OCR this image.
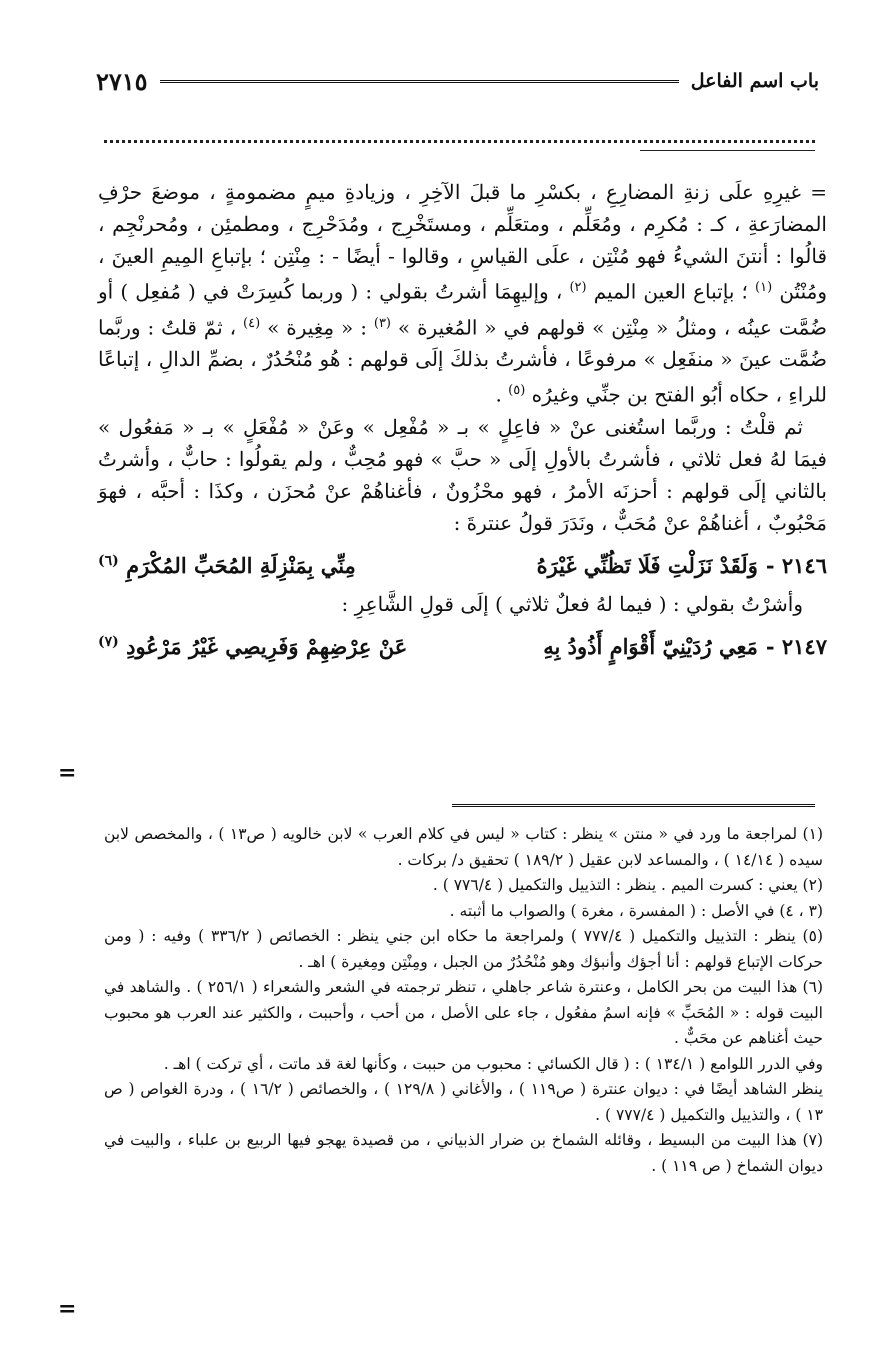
باب اسم الفاعل
٢٧١٥

= غيرِهِ علَى زنةِ المضارِعِ ، بكسْرِ ما قبلَ الآخِرِ ، وزيادةِ ميمٍ مضمومةٍ ، موضعَ حرْفِ المضارَعةِ ، كـ : مُكرِم ، ومُعَلِّم ، ومتعَلِّم ، ومستَخْرِج ، ومُدَحْرِج ، ومطمئِن ، ومُحرنْجِم ، قالُوا : أنتنَ الشيءُ فهو مُنْتِن ، علَى القياسِ ، وقالوا - أيضًا - : مِنْتِن ؛ بإتباعِ المِيمِ العينَ ، ومُنْتُن $^{(١)}$ ؛ بإتباع العين الميم $^{(٢)}$ ، وإليهِمَا أشرتُ بقولي : ( وربما كُسِرَتْ في ( مُفعِل ) أو ضُمَّت عينُه ، ومثلُ « مِنْتِن » قولهم في « المُغيرة » $^{(٣)}$ : « مِغِيرة » $^{(٤)}$ ، ثمّ قلتُ : وربَّما ضُمَّت عينَ « منفَعِل » مرفوعًا ، فأشرتُ بذلكَ إلَى قولهم : هُو مُنْحُدُرٌ ، بضمِّ الدالِ ، إتباعًا للراءِ ، حكاه أبُو الفتح بن جنِّي وغيرُه $^{(٥)}$ .

ثم قلْتُ : وربَّما استُغنى عنْ « فاعِلٍ » بـ « مُفْعِل » وعَنْ « مُفْعَلٍ » بـ « مَفعُول » فيمَا لهُ فعل ثلاثي ، فأشرتُ بالأولِ إلَى « حبَّ » فهو مُحِبٌّ ، ولم يقولُوا : حابٌّ ، وأشرتُ بالثاني إلَى قولهم : أحزنَه الأمرُ ، فهو محْزُونٌ ، فأغناهُمْ عنْ مُحزَن ، وكذَا : أحبَّه ، فهوَ مَحْبُوبٌ ، أغناهُمْ عنْ مُحَبٌّ ، ونَدَرَ قولُ عنترةَ :

٢١٤٦ -
وَلَقَدْ نَزَلْتِ فَلَا تَظُنِّي غَيْرَهُ
مِنِّي بِمَنْزِلَةِ المُحَبِّ المُكْرَمِ $^{(٦)}$

وأشرْتُ بقولي : ( فيما لهُ فعلٌ ثلاثي ) إلَى قولِ الشَّاعِرِ :

٢١٤٧ -
مَعِي رُدَيْنِيّ أَقْوَامٍ أَذُودُ بِهِ
عَنْ عِرْضِهِمْ وَفَرِيصِي غَيْرُ مَرْعُودِ $^{(٧)}$
=

(١) لمراجعة ما ورد في « منتن » ينظر : كتاب « ليس في كلام العرب » لابن خالويه ( ص١٣ ) ، والمخصص لابن سيده ( ١٤/١٤ ) ، والمساعد لابن عقيل ( ١٨٩/٢ ) تحقيق د/ بركات .

(٢) يعني : كسرت الميم . ينظر : التذييل والتكميل ( ٧٧٦/٤ ) .

(٣ ، ٤) في الأصل : ( المفسرة ، مغرة ) والصواب ما أثبته .

(٥) ينظر : التذييل والتكميل ( ٧٧٧/٤ ) ولمراجعة ما حكاه ابن جني ينظر : الخصائص ( ٣٣٦/٢ ) وفيه : ( ومن حركات الإتباع قولهم : أنا أجؤك وأنبؤك وهو مُنْحُدُرٌ من الجبل ، ومِنْتِن ومِغيرة ) اهـ .

(٦) هذا البيت من بحر الكامل ، وعنترة شاعر جاهلي ، تنظر ترجمته في الشعر والشعراء ( ٢٥٦/١ ) . والشاهد في البيت قوله : « المُحَبِّ » فإنه اسمُ مفعُول ، جاء على الأصل ، من أحب ، وأحببت ، والكثير عند العرب هو محبوب حيث أغناهم عن محَبٌّ .

وفي الدرر اللوامع ( ١٣٤/١ ) : ( قال الكسائي : محبوب من حببت ، وكأنها لغة قد ماتت ، أي تركت ) اهـ .

ينظر الشاهد أيضًا في : ديوان عنترة ( ص١١٩ ) ، والأغاني ( ١٢٩/٨ ) ، والخصائص ( ١٦/٢ ) ، ودرة الغواص ( ص ١٣ ) ، والتذييل والتكميل ( ٧٧٧/٤ ) .

(٧) هذا البيت من البسيط ، وقائله الشماخ بن ضرار الذبياني ، من قصيدة يهجو فيها الربيع بن علباء ، والبيت في ديوان الشماخ ( ص ١١٩ ) .

=
